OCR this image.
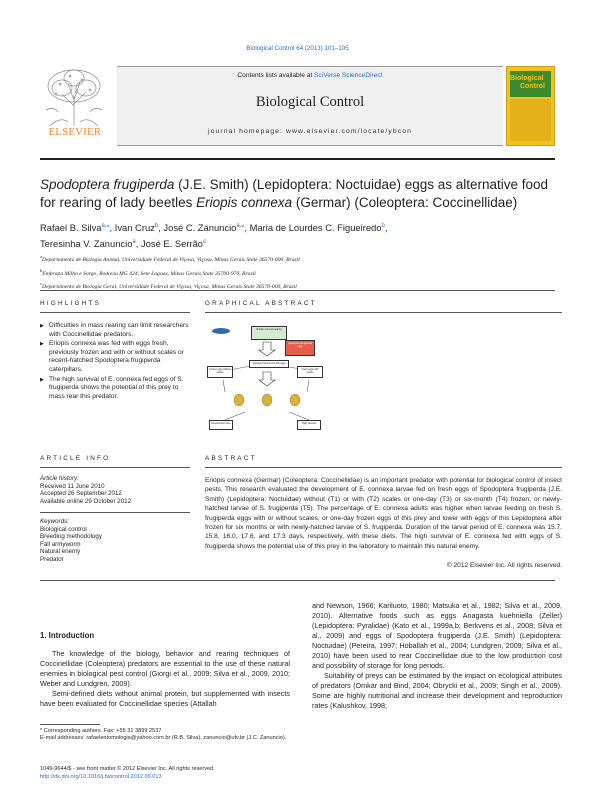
Biological Control 64 (2013) 101–105
ELSEVIER
Contents lists available at SciVerse ScienceDirect
Biological Control
journal homepage: www.elsevier.com/locate/ybcon
Biological
Control
Spodoptera frugiperda (J.E. Smith) (Lepidoptera: Noctuidae) eggs as alternative food for rearing of lady beetles Eriopis connexa (Germar) (Coleoptera: Coccinellidae)
Rafael B. Silva$^{a,⁎}$, Ivan Cruz$^b$, José C. Zanuncio$^{a,⁎}$, Maria de Lourdes C. Figueiredo$^b$,
Teresinha V. Zanuncio$^a$, José E. Serrão$^c$
$^a$Departamento de Biologia Animal, Universidade Federal de Viçosa, Viçosa, Minas Gerais State 36570-000, Brazil
$^b$Embrapa Milho e Sorgo, Rodovia MG 424, Sete Lagoas, Minas Gerais State 35700-970, Brazil
$^c$Departamento de Biologia Geral, Universidade Federal de Viçosa, Viçosa, Minas Gerais State 36570-000, Brazil
HIGHLIGHTS
▶ Difficulties in mass rearing can limit researchers with Coccinellidae predators.
▶ Eriopis connexa was fed with eggs fresh, previously frozen and with or without scales or recent-hatched Spodoptera frugiperda caterpillars.
▶ The high survival of E. connexa fed eggs of S. frugiperda shows the potential of this prey to mass rear this predator.
GRAPHICAL ABSTRACT
Eriopis connexa rearing
Spodoptera frugiperda eggs
Survival of larvae fed with eggs
Frozen eggs without scales
Fresh eggs with scales
Development time	High survival
ARTICLE INFO
Article history:
Received 11 June 2010
Accepted 26 September 2012
Available online 29 October 2012
Keywords:
Biological control
Breeding methodology
Fall armyworm
Natural enemy
Predator
ABSTRACT
Eriopis connexa (Germar) (Coleoptera: Coccinellidae) is an important predator with potential for biological control of insect pests. This research evaluated the development of E. connexa larvae fed on fresh eggs of Spodoptera frugiperda (J.E. Smith) (Lepidoptera: Noctuidae) without (T1) or with (T2) scales or one-day (T3) or six-month (T4) frozen, or newly-hatched larvae of S. frugiperda (T5). The percentage of E. connexa adults was higher when larvae feeding on fresh S. frugiperda eggs with or without scales, or one-day frozen eggs of this prey and lower with eggs of this Lepidoptera after frozen for six months or with newly-hatched larvae of S. frugiperda. Duration of the larval period of E. connexa was 15.7, 15.8, 16.0, 17.6, and 17.3 days, respectively, with these diets. The high survival of E. connexa fed with eggs of S. frugiperda shows the potential use of this prey in the laboratory to maintain this natural enemy.
© 2012 Elsevier Inc. All rights reserved.
1. Introduction

The knowledge of the biology, behavior and rearing techniques of Coccinellidae (Coleoptera) predators are essential to the use of these natural enemies in biological pest control (Giorgi et al., 2009; Silva et al., 2009, 2010; Weber and Lundgren, 2009).

Semi-defined diets without animal protein, but supplemented with insects have been evaluated for Coccinellidae species (Attallah

and Newson, 1966; Kariluoto, 1980; Matsuka et al., 1982; Silva et al., 2009, 2010). Alternative foods such as eggs Anagasta kuehniella (Zeller) (Lepidoptera: Pyralidae) (Kato et al., 1999a,b; Berkvens et al., 2008; Silva et al., 2009) and eggs of Spodoptera frugiperda (J.E. Smith) (Lepidoptera: Noctuidae) (Pereira, 1997; Hoballah et al., 2004; Lundgren, 2009; Silva et al., 2010) have been used to rear Coccinellidae due to the low production cost and possibility of storage for long periods.

Suitability of preys can be estimated by the impact on ecological attributes of predators (Omkar and Bind, 2004; Obrycki et al., 2009; Singh et al., 2009). Some are highly nutritional and increase their development and reproduction rates (Kalushkov, 1998;

* Corresponding authors. Fax: +55 31 3899 2537.
E-mail addresses: rafaelentomologia@yahoo.com.br (R.B. Silva), zanuncio@ufv.br (J.C. Zanuncio).
1049-9644/$ - see front matter © 2012 Elsevier Inc. All rights reserved.
http://dx.doi.org/10.1016/j.biocontrol.2012.09.013
